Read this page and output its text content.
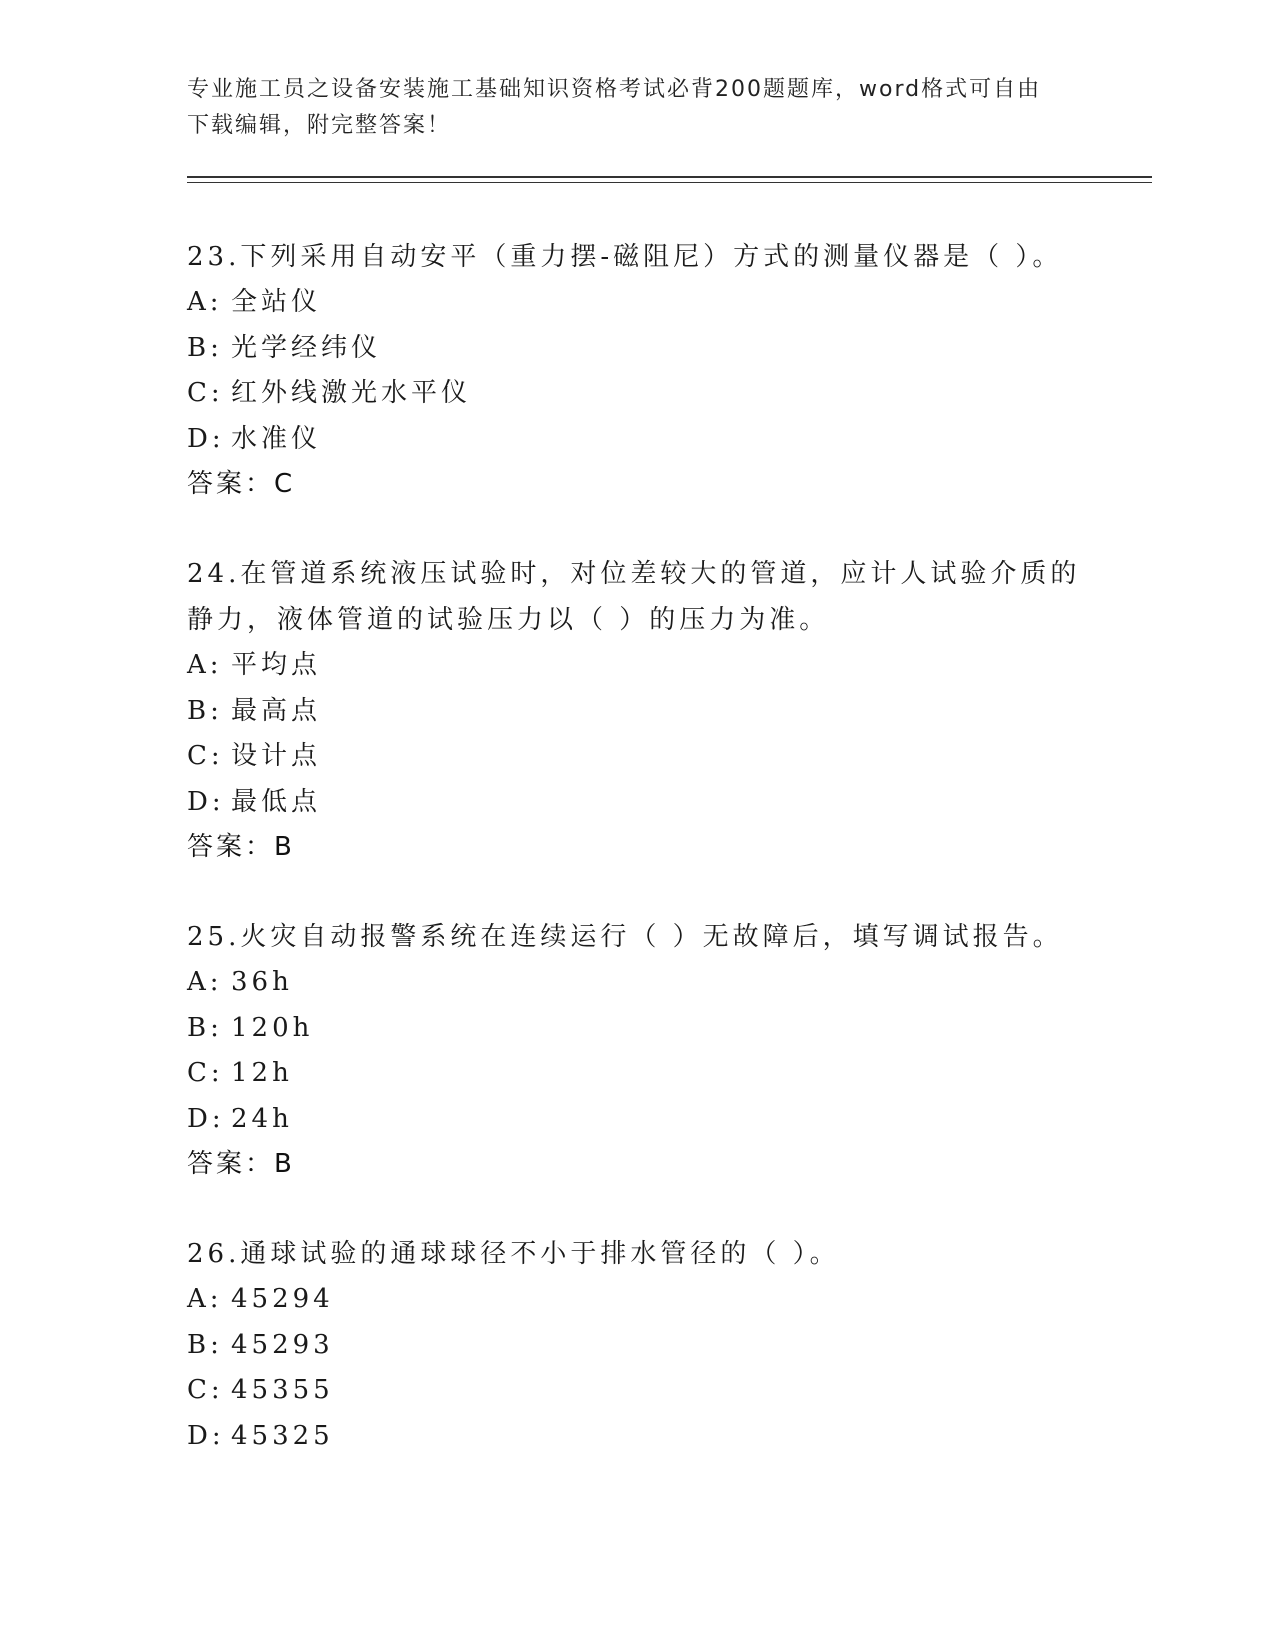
专业施工员之设备安装施工基础知识资格考试必背200题题库，word格式可自由
下载编辑，附完整答案！
23.下列采用自动安平（重力摆-磁阻尼）方式的测量仪器是（ ）。
A: 全站仪
B: 光学经纬仪
C: 红外线激光水平仪
D: 水准仪
答案：C
24.在管道系统液压试验时，对位差较大的管道，应计人试验介质的静力，液体管道的试验压力以（ ）的压力为准。
A: 平均点
B: 最高点
C: 设计点
D: 最低点
答案：B
25.火灾自动报警系统在连续运行（ ）无故障后，填写调试报告。
A: 36h
B: 120h
C: 12h
D: 24h
答案：B
26.通球试验的通球球径不小于排水管径的（ ）。
A: 45294
B: 45293
C: 45355
D: 45325
